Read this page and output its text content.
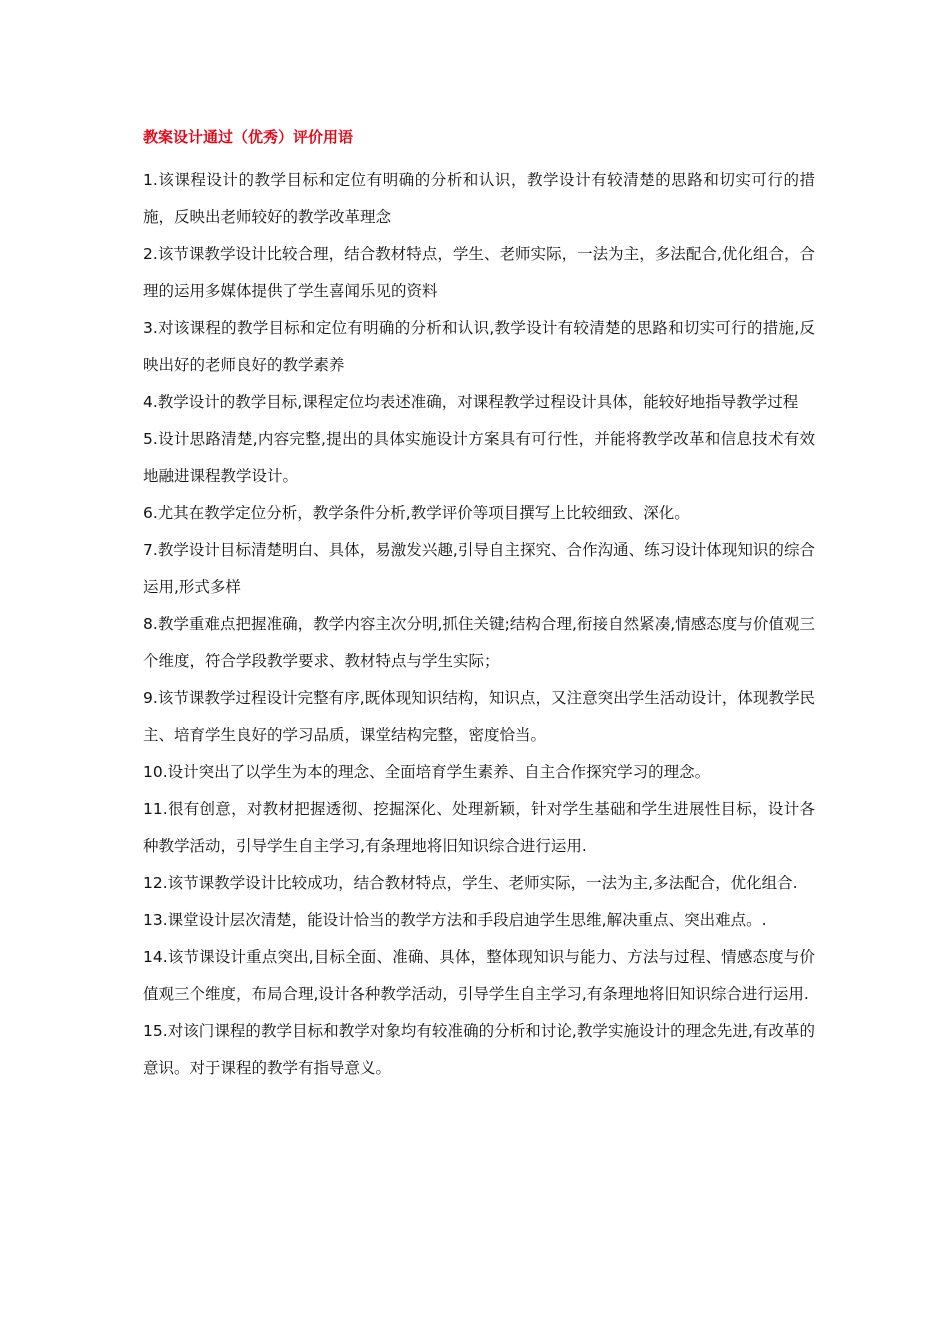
教案设计通过（优秀）评价用语

1.该课程设计的教学目标和定位有明确的分析和认识，教学设计有较清楚的思路和切实可行的措施，反映出老师较好的教学改革理念

2.该节课教学设计比较合理，结合教材特点，学生、老师实际，一法为主，多法配合,优化组合，合理的运用多媒体提供了学生喜闻乐见的资料

3.对该课程的教学目标和定位有明确的分析和认识,教学设计有较清楚的思路和切实可行的措施,反映出好的老师良好的教学素养

4.教学设计的教学目标,课程定位均表述准确，对课程教学过程设计具体，能较好地指导教学过程

5.设计思路清楚,内容完整,提出的具体实施设计方案具有可行性，并能将教学改革和信息技术有效地融进课程教学设计。

6.尤其在教学定位分析，教学条件分析,教学评价等项目撰写上比较细致、深化。

7.教学设计目标清楚明白、具体，易激发兴趣,引导自主探究、合作沟通、练习设计体现知识的综合运用,形式多样

8.教学重难点把握准确，教学内容主次分明,抓住关键;结构合理,衔接自然紧凑,情感态度与价值观三个维度，符合学段教学要求、教材特点与学生实际；

9.该节课教学过程设计完整有序,既体现知识结构，知识点，又注意突出学生活动设计，体现教学民主、培育学生良好的学习品质，课堂结构完整，密度恰当。

10.设计突出了以学生为本的理念、全面培育学生素养、自主合作探究学习的理念。

11.很有创意，对教材把握透彻、挖掘深化、处理新颖，针对学生基础和学生进展性目标，设计各种教学活动，引导学生自主学习,有条理地将旧知识综合进行运用.

12.该节课教学设计比较成功，结合教材特点，学生、老师实际，一法为主,多法配合，优化组合.

13.课堂设计层次清楚，能设计恰当的教学方法和手段启迪学生思维,解决重点、突出难点。.

14.该节课设计重点突出,目标全面、准确、具体，整体现知识与能力、方法与过程、情感态度与价值观三个维度，布局合理,设计各种教学活动，引导学生自主学习,有条理地将旧知识综合进行运用.

15.对该门课程的教学目标和教学对象均有较准确的分析和讨论,教学实施设计的理念先进,有改革的意识。对于课程的教学有指导意义。
